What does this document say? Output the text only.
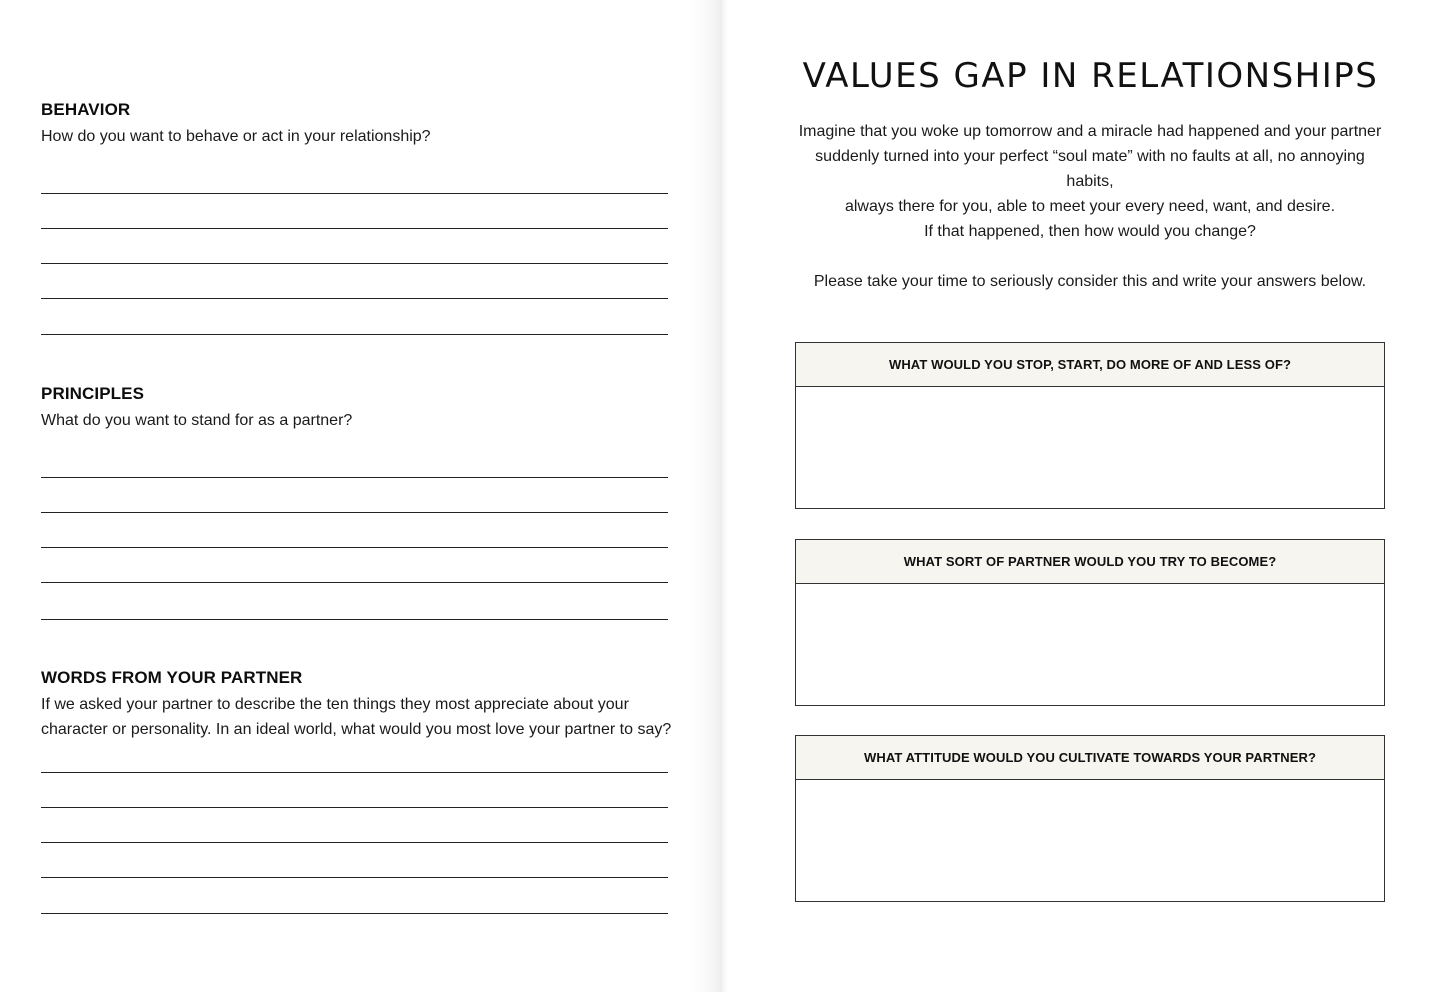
BEHAVIOR
How do you want to behave or act in your relationship?
PRINCIPLES
What do you want to stand for as a partner?
WORDS FROM YOUR PARTNER
If we asked your partner to describe the ten things they most appreciate about your
character or personality. In an ideal world, what would you most love your partner to say?
VALUES GAP IN RELATIONSHIPS
Imagine that you woke up tomorrow and a miracle had happened and your partner
suddenly turned into your perfect “soul mate” with no faults at all, no annoying habits,
always there for you, able to meet your every need, want, and desire.
If that happened, then how would you change?
Please take your time to seriously consider this and write your answers below.
WHAT WOULD YOU STOP, START, DO MORE OF AND LESS OF?
WHAT SORT OF PARTNER WOULD YOU TRY TO BECOME?
WHAT ATTITUDE WOULD YOU CULTIVATE TOWARDS YOUR PARTNER?
